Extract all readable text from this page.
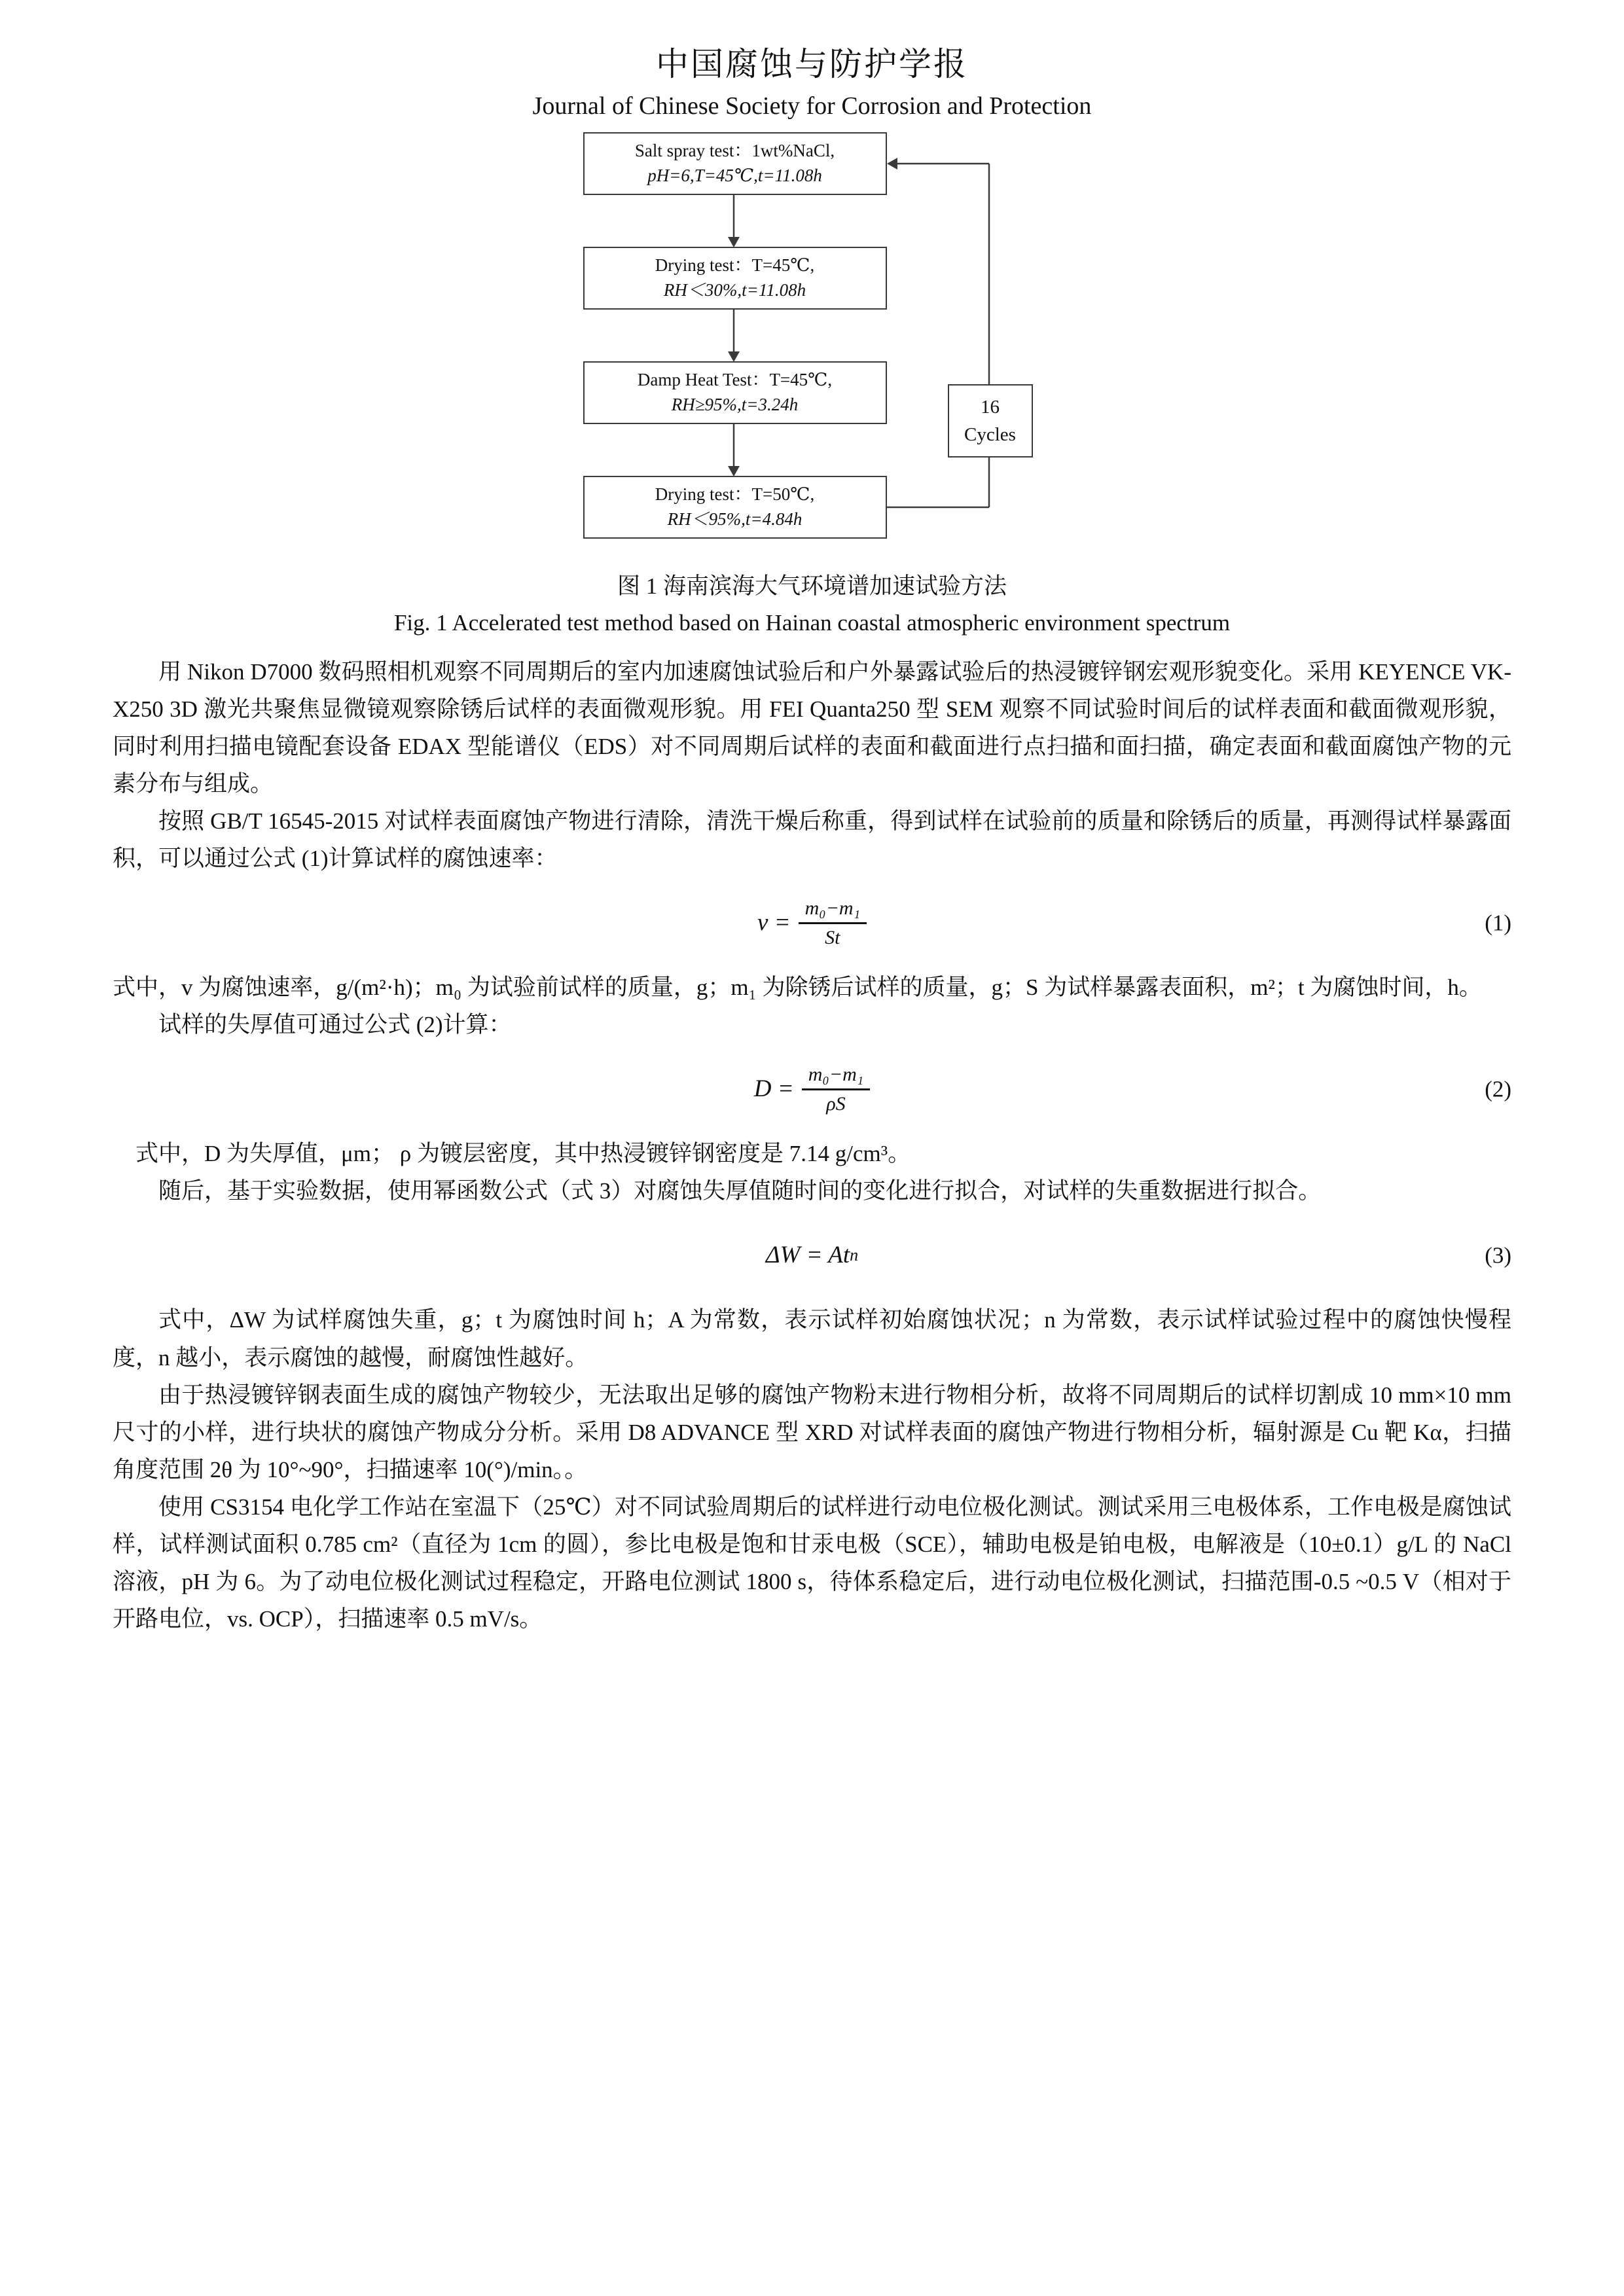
中国腐蚀与防护学报
Journal of Chinese Society for Corrosion and Protection
Salt spray test：1wt%NaCl,
pH=6,T=45℃,t=11.08h
Drying test：T=45℃,
RH＜30%,t=11.08h
Damp Heat Test：T=45℃,
RH≥95%,t=3.24h
Drying test：T=50℃,
RH＜95%,t=4.84h
16
Cycles
图 1 海南滨海大气环境谱加速试验方法
Fig. 1 Accelerated test method based on Hainan coastal atmospheric environment spectrum

用 Nikon D7000 数码照相机观察不同周期后的室内加速腐蚀试验后和户外暴露试验后的热浸镀锌钢宏观形貌变化。采用 KEYENCE VK-X250 3D 激光共聚焦显微镜观察除锈后试样的表面微观形貌。用 FEI Quanta250 型 SEM 观察不同试验时间后的试样表面和截面微观形貌，同时利用扫描电镜配套设备 EDAX 型能谱仪（EDS）对不同周期后试样的表面和截面进行点扫描和面扫描，确定表面和截面腐蚀产物的元素分布与组成。

按照 GB/T 16545-2015 对试样表面腐蚀产物进行清除，清洗干燥后称重，得到试样在试验前的质量和除锈后的质量，再测得试样暴露面积，可以通过公式 (1)计算试样的腐蚀速率：

$v = \frac{\text{m₀−m₁}}{St}$	(1)

式中，v 为腐蚀速率，g/(m²·h)；m₀ 为试验前试样的质量，g；m₁ 为除锈后试样的质量，g；S 为试样暴露表面积，m²；t 为腐蚀时间，h。

试样的失厚值可通过公式 (2)计算：

$D = \frac{\text{m₀−m₁}}{\rho S}$	(2)

式中，D 为失厚值，μm； ρ 为镀层密度，其中热浸镀锌钢密度是 7.14 g/cm³。

随后，基于实验数据，使用幂函数公式（式 3）对腐蚀失厚值随时间的变化进行拟合，对试样的失重数据进行拟合。

ΔW = At n	(3)

式中，ΔW 为试样腐蚀失重，g；t 为腐蚀时间 h；A 为常数，表示试样初始腐蚀状况；n 为常数，表示试样试验过程中的腐蚀快慢程度，n 越小，表示腐蚀的越慢，耐腐蚀性越好。

由于热浸镀锌钢表面生成的腐蚀产物较少，无法取出足够的腐蚀产物粉末进行物相分析，故将不同周期后的试样切割成 10 mm×10 mm 尺寸的小样，进行块状的腐蚀产物成分分析。采用 D8 ADVANCE 型 XRD 对试样表面的腐蚀产物进行物相分析，辐射源是 Cu 靶 Kα，扫描角度范围 2θ 为 10°~90°，扫描速率 10(°)/min。。

使用 CS3154 电化学工作站在室温下（25℃）对不同试验周期后的试样进行动电位极化测试。测试采用三电极体系，工作电极是腐蚀试样，试样测试面积 0.785 cm²（直径为 1cm 的圆），参比电极是饱和甘汞电极（SCE），辅助电极是铂电极，电解液是（10±0.1）g/L 的 NaCl 溶液，pH 为 6。为了动电位极化测试过程稳定，开路电位测试 1800 s，待体系稳定后，进行动电位极化测试，扫描范围-0.5 ~0.5 V（相对于开路电位，vs. OCP），扫描速率 0.5 mV/s。
